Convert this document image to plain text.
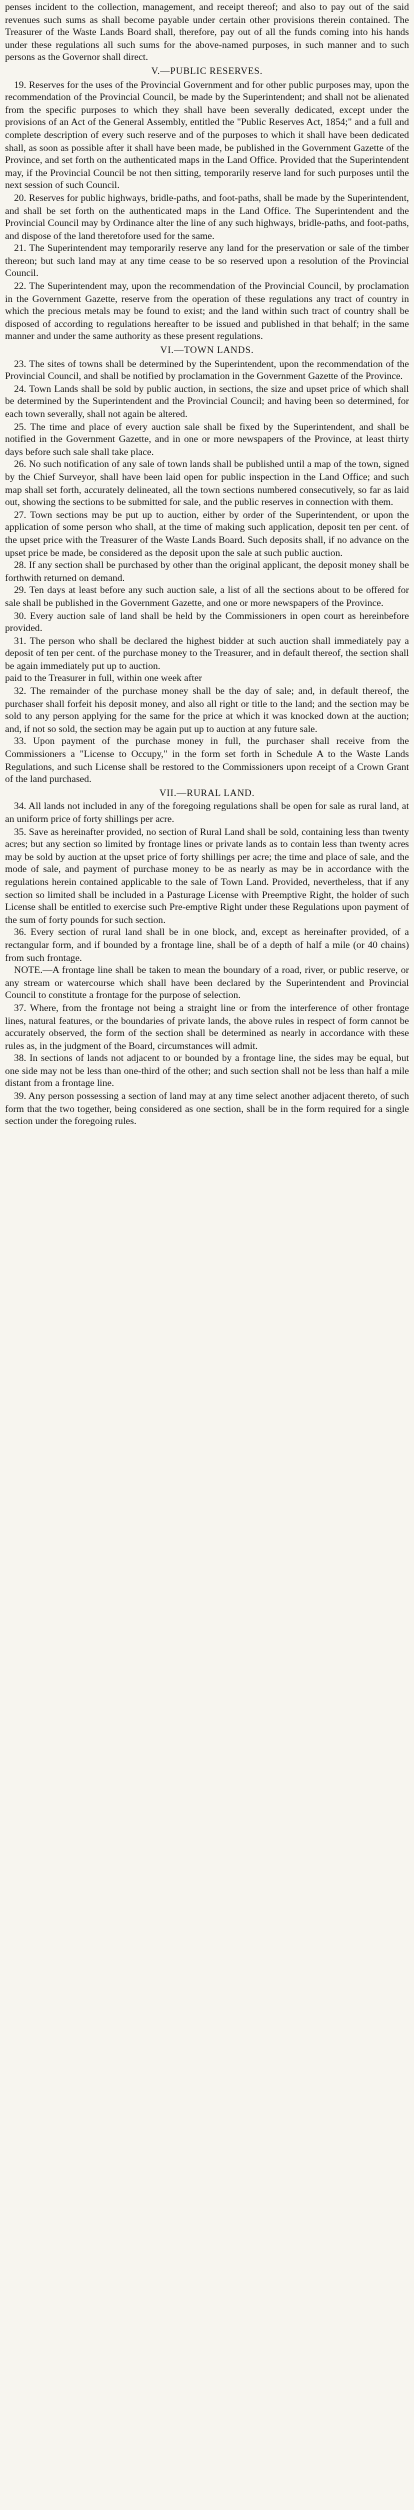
penses incident to the collection, management, and receipt thereof; and also to pay out of the said revenues such sums as shall become payable under certain other provisions therein contained. The Treasurer of the Waste Lands Board shall, therefore, pay out of all the funds coming into his hands under these regulations all such sums for the above-named purposes, in such manner and to such persons as the Governor shall direct.

V.—PUBLIC RESERVES.

19. Reserves for the uses of the Provincial Government and for other public purposes may, upon the recommendation of the Provincial Council, be made by the Superintendent; and shall not be alienated from the specific purposes to which they shall have been severally dedicated, except under the provisions of an Act of the General Assembly, entitled the "Public Reserves Act, 1854;" and a full and complete description of every such reserve and of the purposes to which it shall have been dedicated shall, as soon as possible after it shall have been made, be published in the Government Gazette of the Province, and set forth on the authenticated maps in the Land Office. Provided that the Superintendent may, if the Provincial Council be not then sitting, temporarily reserve land for such purposes until the next session of such Council.

20. Reserves for public highways, bridle-paths, and foot-paths, shall be made by the Superintendent, and shall be set forth on the authenticated maps in the Land Office. The Superintendent and the Provincial Council may by Ordinance alter the line of any such highways, bridle-paths, and foot-paths, and dispose of the land theretofore used for the same.

21. The Superintendent may temporarily reserve any land for the preservation or sale of the timber thereon; but such land may at any time cease to be so reserved upon a resolution of the Provincial Council.

22. The Superintendent may, upon the recommendation of the Provincial Council, by proclamation in the Government Gazette, reserve from the operation of these regulations any tract of country in which the precious metals may be found to exist; and the land within such tract of country shall be disposed of according to regulations hereafter to be issued and published in that behalf; in the same manner and under the same authority as these present regulations.

VI.—TOWN LANDS.

23. The sites of towns shall be determined by the Superintendent, upon the recommendation of the Provincial Council, and shall be notified by proclamation in the Government Gazette of the Province.

24. Town Lands shall be sold by public auction, in sections, the size and upset price of which shall be determined by the Superintendent and the Provincial Council; and having been so determined, for each town severally, shall not again be altered.

25. The time and place of every auction sale shall be fixed by the Superintendent, and shall be notified in the Government Gazette, and in one or more newspapers of the Province, at least thirty days before such sale shall take place.

26. No such notification of any sale of town lands shall be published until a map of the town, signed by the Chief Surveyor, shall have been laid open for public inspection in the Land Office; and such map shall set forth, accurately delineated, all the town sections numbered consecutively, so far as laid out, showing the sections to be submitted for sale, and the public reserves in connection with them.

27. Town sections may be put up to auction, either by order of the Superintendent, or upon the application of some person who shall, at the time of making such application, deposit ten per cent. of the upset price with the Treasurer of the Waste Lands Board. Such deposits shall, if no advance on the upset price be made, be considered as the deposit upon the sale at such public auction.

28. If any section shall be purchased by other than the original applicant, the deposit money shall be forthwith returned on demand.

29. Ten days at least before any such auction sale, a list of all the sections about to be offered for sale shall be published in the Government Gazette, and one or more newspapers of the Province.

30. Every auction sale of land shall be held by the Commissioners in open court as hereinbefore provided.

31. The person who shall be declared the highest bidder at such auction shall immediately pay a deposit of ten per cent. of the purchase money to the Treasurer, and in default thereof, the section shall be again immediately put up to auction.

paid to the Treasurer in full, within one week after

32. The remainder of the purchase money shall be the day of sale; and, in default thereof, the purchaser shall forfeit his deposit money, and also all right or title to the land; and the section may be sold to any person applying for the same for the price at which it was knocked down at the auction; and, if not so sold, the section may be again put up to auction at any future sale.

33. Upon payment of the purchase money in full, the purchaser shall receive from the Commissioners a "License to Occupy," in the form set forth in Schedule A to the Waste Lands Regulations, and such License shall be restored to the Commissioners upon receipt of a Crown Grant of the land purchased.

VII.—RURAL LAND.

34. All lands not included in any of the foregoing regulations shall be open for sale as rural land, at an uniform price of forty shillings per acre.

35. Save as hereinafter provided, no section of Rural Land shall be sold, containing less than twenty acres; but any section so limited by frontage lines or private lands as to contain less than twenty acres may be sold by auction at the upset price of forty shillings per acre; the time and place of sale, and the mode of sale, and payment of purchase money to be as nearly as may be in accordance with the regulations herein contained applicable to the sale of Town Land. Provided, nevertheless, that if any section so limited shall be included in a Pasturage License with Preemptive Right, the holder of such License shall be entitled to exercise such Pre-emptive Right under these Regulations upon payment of the sum of forty pounds for such section.

36. Every section of rural land shall be in one block, and, except as hereinafter provided, of a rectangular form, and if bounded by a frontage line, shall be of a depth of half a mile (or 40 chains) from such frontage.

NOTE.—A frontage line shall be taken to mean the boundary of a road, river, or public reserve, or any stream or watercourse which shall have been declared by the Superintendent and Provincial Council to constitute a frontage for the purpose of selection.

37. Where, from the frontage not being a straight line or from the interference of other frontage lines, natural features, or the boundaries of private lands, the above rules in respect of form cannot be accurately observed, the form of the section shall be determined as nearly in accordance with these rules as, in the judgment of the Board, circumstances will admit.

38. In sections of lands not adjacent to or bounded by a frontage line, the sides may be equal, but one side may not be less than one-third of the other; and such section shall not be less than half a mile distant from a frontage line.

39. Any person possessing a section of land may at any time select another adjacent thereto, of such form that the two together, being considered as one section, shall be in the form required for a single section under the foregoing rules.
